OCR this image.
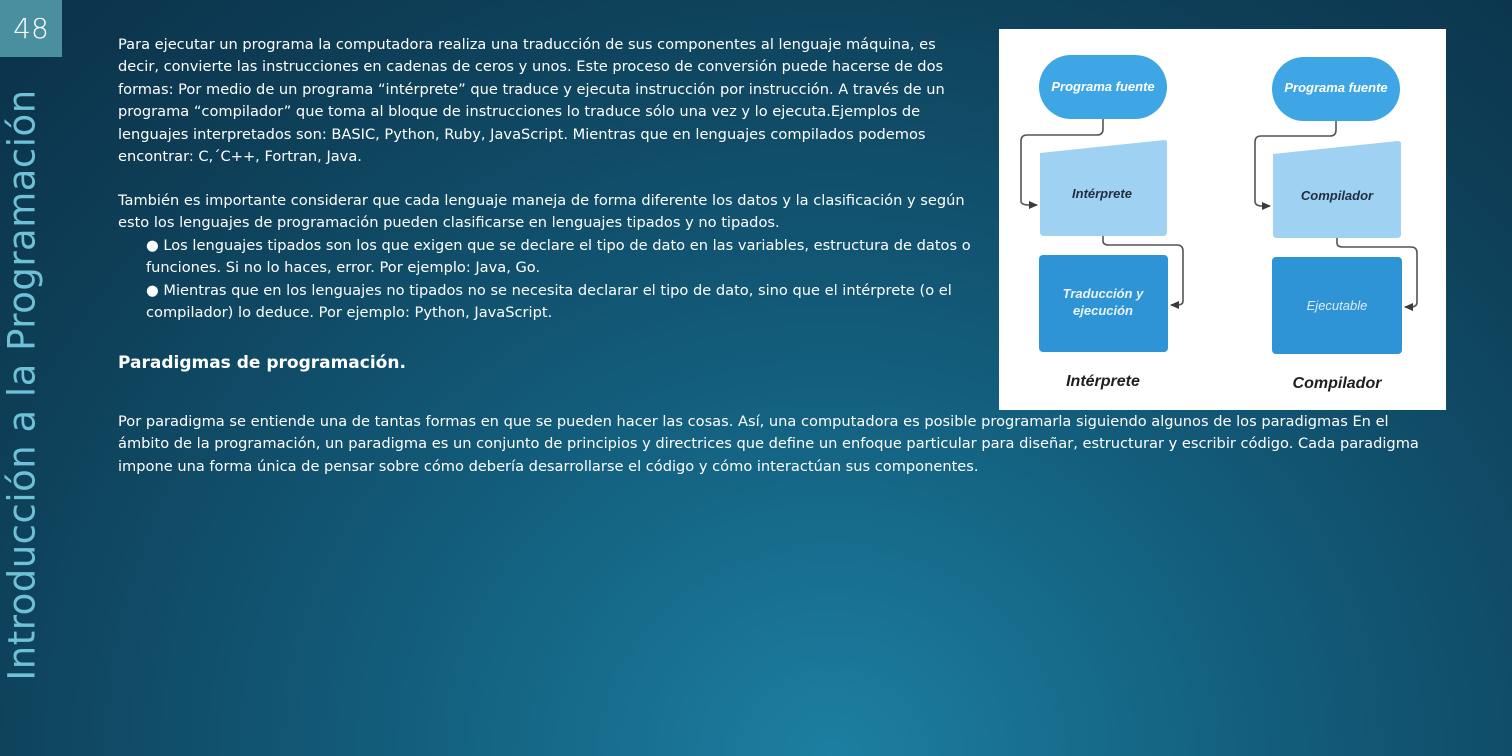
48
Introducción a la Programación
Para ejecutar un programa la computadora realiza una traducción de sus componentes al lenguaje máquina, es decir, convierte las instrucciones en cadenas de ceros y unos. Este proceso de conversión puede hacerse de dos formas: Por medio de un programa “intérprete” que traduce y ejecuta instrucción por instrucción. A través de un programa “compilador” que toma al bloque de instrucciones lo traduce sólo una vez y lo ejecuta.Ejemplos de lenguajes interpretados son: BASIC, Python, Ruby, JavaScript. Mientras que en lenguajes compilados podemos encontrar: C,´C++, Fortran, Java.
También es importante considerar que cada lenguaje maneja de forma diferente los datos y la clasificación y según esto los lenguajes de programación pueden clasificarse en lenguajes tipados y no tipados.
● Los lenguajes tipados son los que exigen que se declare el tipo de dato en las variables, estructura de datos o funciones. Si no lo haces, error. Por ejemplo: Java, Go.
● Mientras que en los lenguajes no tipados no se necesita declarar el tipo de dato, sino que el intérprete (o el compilador) lo deduce. Por ejemplo: Python, JavaScript.
Paradigmas de programación.
Por paradigma se entiende una de tantas formas en que se pueden hacer las cosas. Así, una computadora es posible programarla siguiendo algunos de los paradigmas En el ámbito de la programación, un paradigma es un conjunto de principios y directrices que define un enfoque particular para diseñar, estructurar y escribir código. Cada paradigma impone una forma única de pensar sobre cómo debería desarrollarse el código y cómo interactúan sus componentes.
Programa fuente
Intérprete
Traducción y
ejecución
Intérprete
Programa fuente
Compilador
Ejecutable
Compilador
